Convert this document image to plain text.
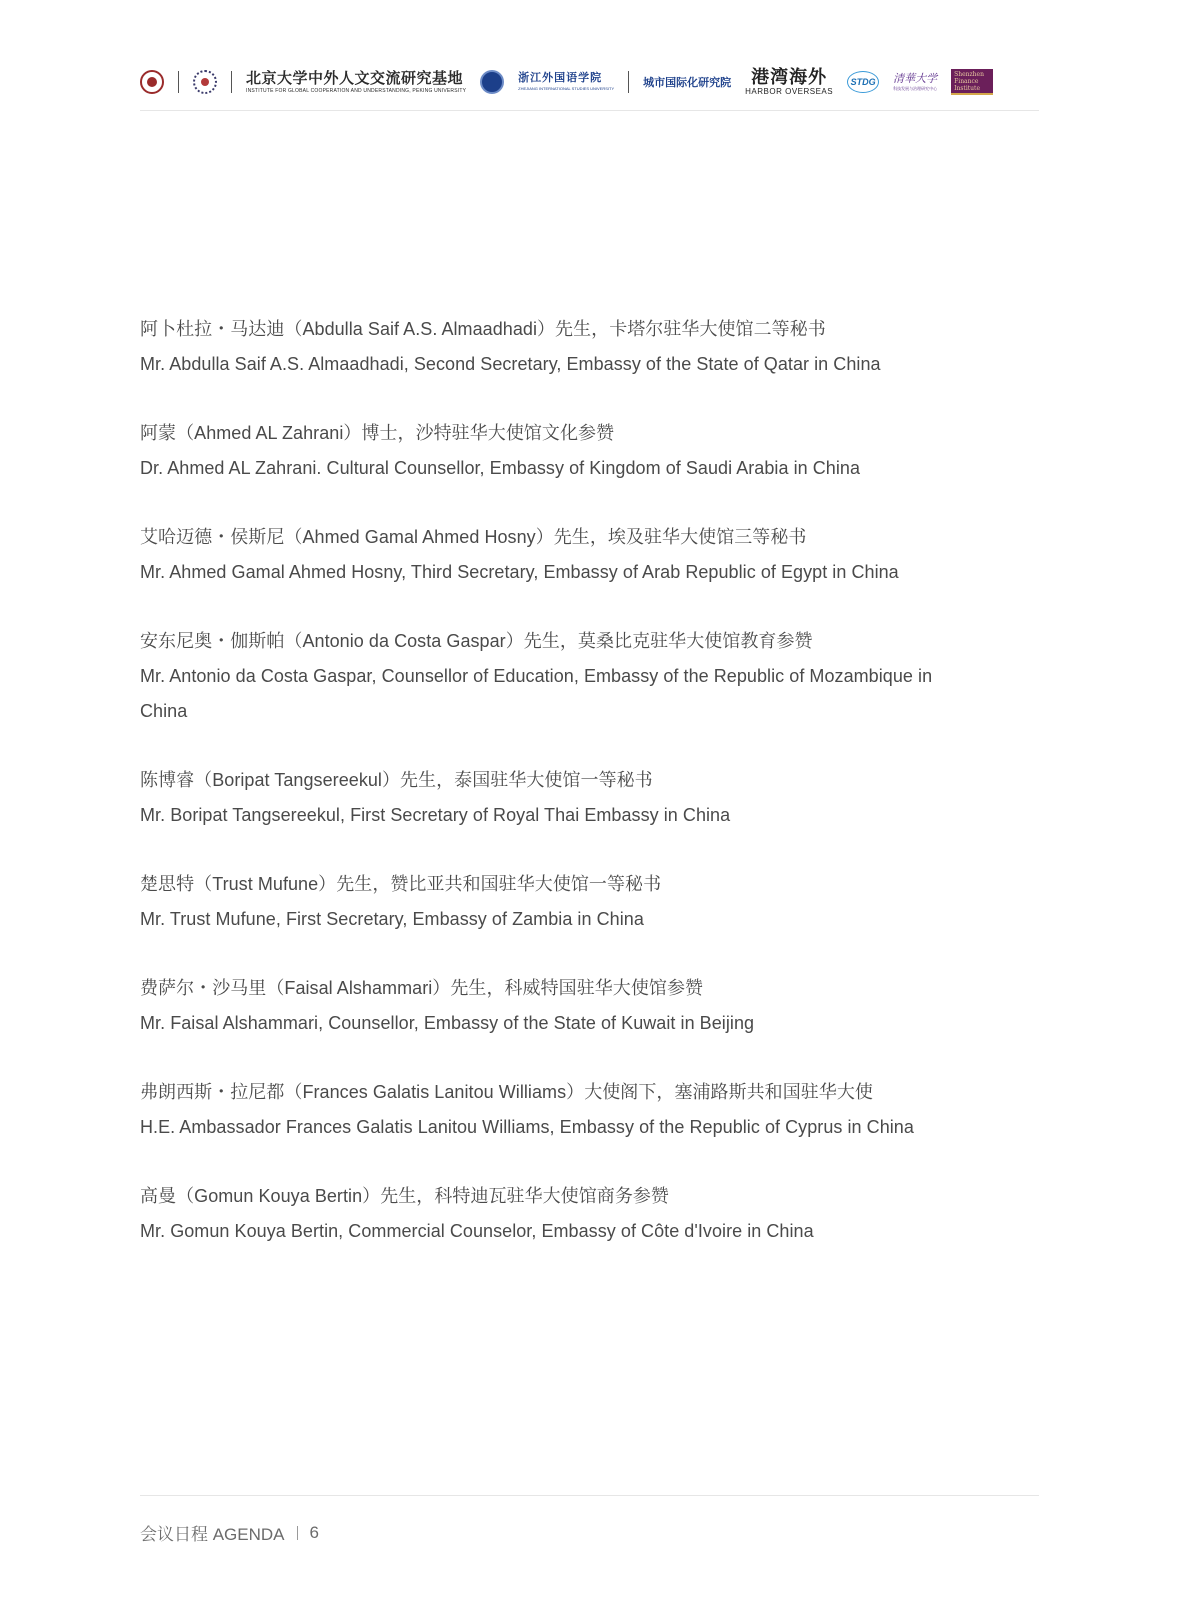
北京大学中外人文交流研究基地
INSTITUTE FOR GLOBAL COOPERATION AND UNDERSTANDING, PEKING UNIVERSITY
浙江外国语学院
ZHEJIANG INTERNATIONAL STUDIES UNIVERSITY	城市国际化研究院 港湾海外
HARBOR OVERSEAS
STDG	清華大学
科技发展与治理研究中心
Shenzhen Finance Institute
阿卜杜拉・马达迪（Abdulla Saif A.S. Almaadhadi）先生，卡塔尔驻华大使馆二等秘书
Mr. Abdulla Saif A.S. Almaadhadi, Second Secretary, Embassy of the State of Qatar in China
阿蒙（Ahmed AL Zahrani）博士，沙特驻华大使馆文化参赞
Dr. Ahmed AL Zahrani. Cultural Counsellor, Embassy of Kingdom of Saudi Arabia in China
艾哈迈德・侯斯尼（Ahmed Gamal Ahmed Hosny）先生，埃及驻华大使馆三等秘书
Mr. Ahmed Gamal Ahmed Hosny, Third Secretary, Embassy of Arab Republic of Egypt in China
安东尼奥・伽斯帕（Antonio da Costa Gaspar）先生，莫桑比克驻华大使馆教育参赞
Mr. Antonio da Costa Gaspar, Counsellor of Education, Embassy of the Republic of Mozambique in China
陈博睿（Boripat Tangsereekul）先生，泰国驻华大使馆一等秘书
Mr. Boripat Tangsereekul, First Secretary of Royal Thai Embassy in China
楚思特（Trust Mufune）先生，赞比亚共和国驻华大使馆一等秘书
Mr. Trust Mufune, First Secretary, Embassy of Zambia in China
费萨尔・沙马里（Faisal Alshammari）先生，科威特国驻华大使馆参赞
Mr. Faisal Alshammari, Counsellor, Embassy of the State of Kuwait in Beijing
弗朗西斯・拉尼都（Frances Galatis Lanitou Williams）大使阁下，塞浦路斯共和国驻华大使
H.E. Ambassador Frances Galatis Lanitou Williams, Embassy of the Republic of Cyprus in China
高曼（Gomun Kouya Bertin）先生，科特迪瓦驻华大使馆商务参赞
Mr. Gomun Kouya Bertin, Commercial Counselor, Embassy of Côte d'Ivoire in China
会议日程 AGENDA 6
